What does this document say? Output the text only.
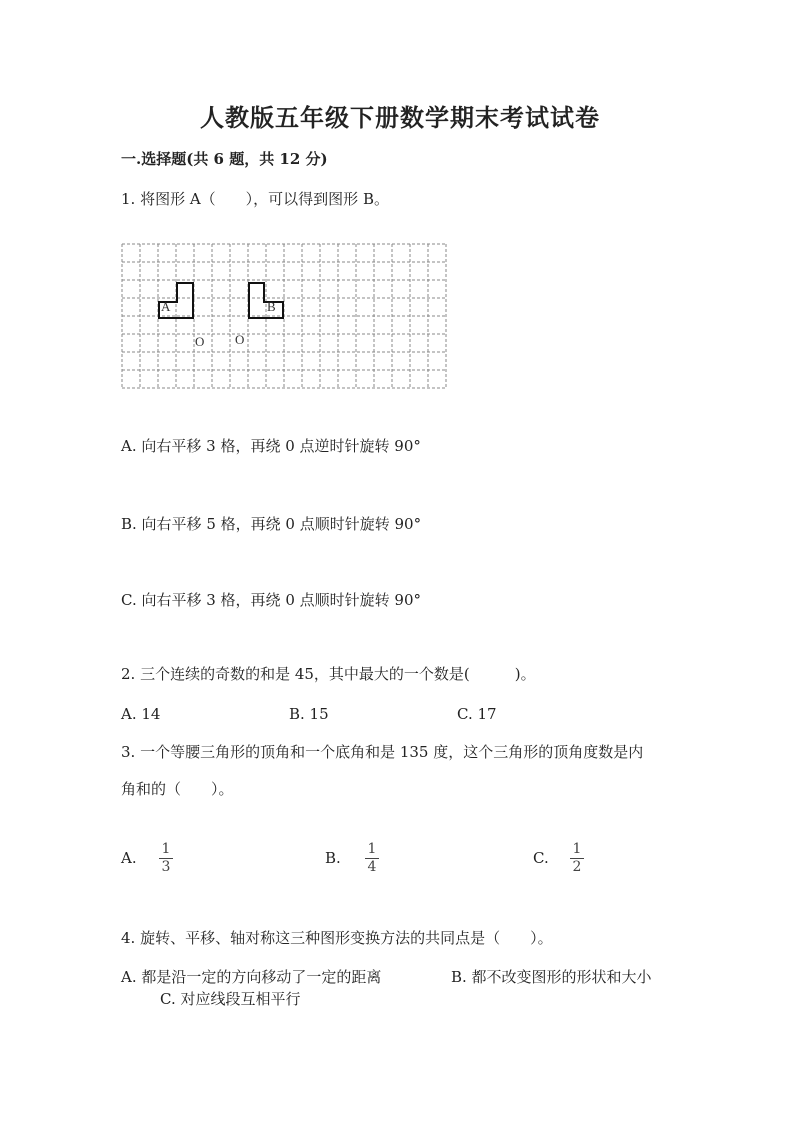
人教版五年级下册数学期末考试试卷
一.选择题(共 6 题，共 12 分)
1. 将图形 A（　　），可以得到图形 B。
A	B
O O
A. 向右平移 3 格，再绕 0 点逆时针旋转 90°
B. 向右平移 5 格，再绕 0 点顺时针旋转 90°
C. 向右平移 3 格，再绕 0 点顺时针旋转 90°
2. 三个连续的奇数的和是 45，其中最大的一个数是(　　　)。
A. 14	B. 15	C. 17
3. 一个等腰三角形的顶角和一个底角和是 135 度，这个三角形的顶角度数是内
角和的（　　）。
A. 1
3	B. 1
4	C. 1
2
4. 旋转、平移、轴对称这三种图形变换方法的共同点是（　　）。
A. 都是沿一定的方向移动了一定的距离	B. 都不改变图形的形状和大小
C. 对应线段互相平行
